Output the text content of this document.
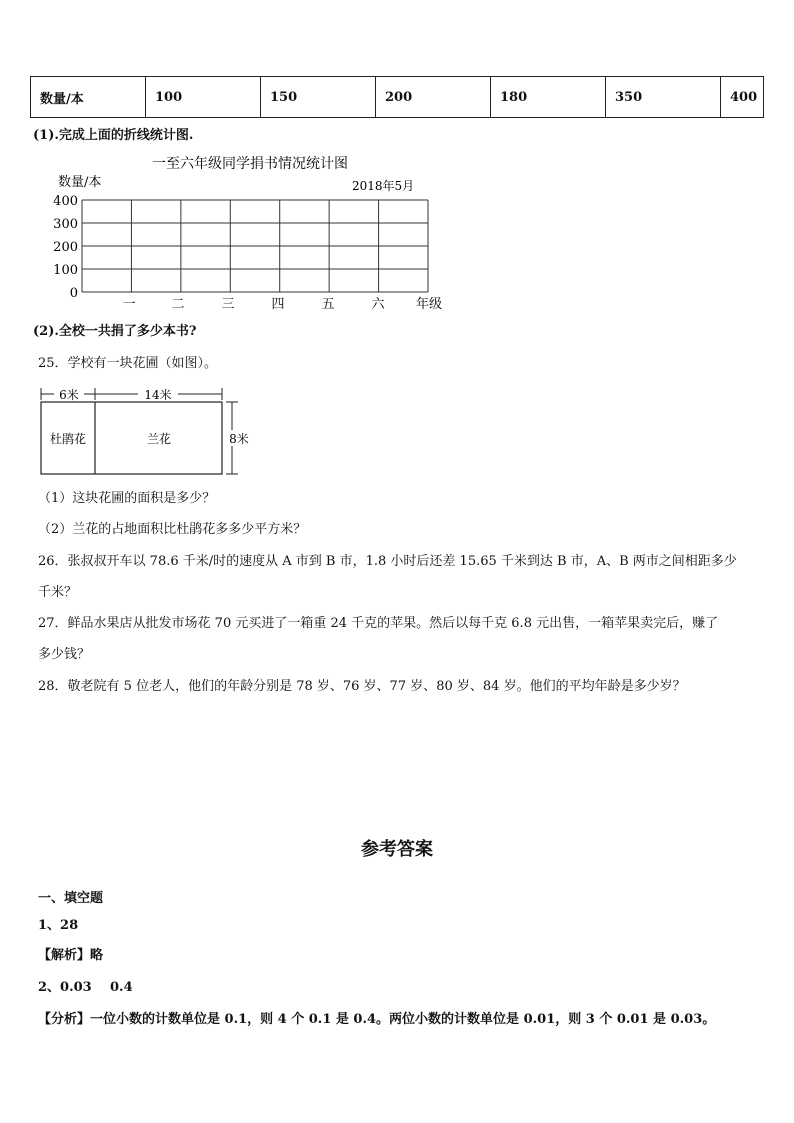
数量/本	100	150	200	180	350	400
(1).完成上面的折线统计图.
一至六年级同学捐书情况统计图
数量/本	2018年5月
400
300
200
100
0
一	二	三	四	五	六 年级
(2).全校一共捐了多少本书?
25．学校有一块花圃（如图）。
6米	14米
杜鹃花	兰花	8米
（1）这块花圃的面积是多少？
（2）兰花的占地面积比杜鹃花多多少平方米？
26．张叔叔开车以 78.6 千米/时的速度从 A 市到 B 市，1.8 小时后还差 15.65 千米到达 B 市，A、B 两市之间相距多少
千米？
27．鲜品水果店从批发市场花 70 元买进了一箱重 24 千克的苹果。然后以每千克 6.8 元出售，一箱苹果卖完后，赚了
多少钱？
28．敬老院有 5 位老人，他们的年龄分别是 78 岁、76 岁、77 岁、80 岁、84 岁。他们的平均年龄是多少岁？
参考答案
一、填空题
1、28
【解析】略
2、0.03 0.4
【分析】一位小数的计数单位是 0.1，则 4 个 0.1 是 0.4。两位小数的计数单位是 0.01，则 3 个 0.01 是 0.03。
